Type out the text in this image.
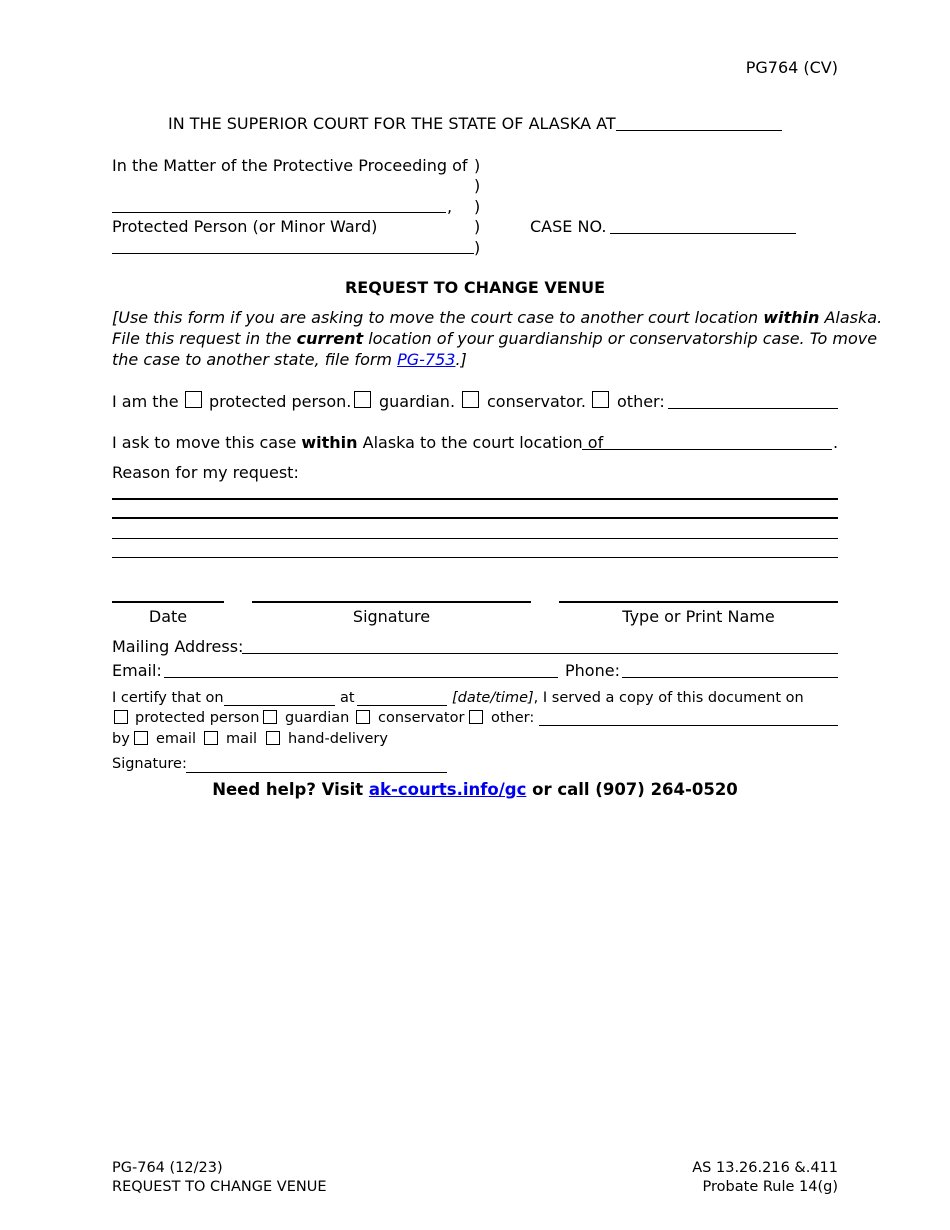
PG764 (CV)
IN THE SUPERIOR COURT FOR THE STATE OF ALASKA AT
In the Matter of the Protective Proceeding of )
)
)
)
)
,
Protected Person (or Minor Ward)	CASE NO.
REQUEST TO CHANGE VENUE
[Use this form if you are asking to move the court case to another court location within Alaska.
File this request in the current location of your guardianship or conservatorship case. To move
the case to another state, file form PG-753.]
I am the protected person. guardian. conservator. other:
I ask to move this case within Alaska to the court location of	.
Reason for my request:
Date	Signature	Type or Print Name
Mailing Address:
Email:	Phone:
I certify that on	at	[date/time], I served a copy of this document on
protected person guardian conservator other:
by email mail hand-delivery
Signature:
Need help? Visit ak-courts.info/gc or call (907) 264-0520
PG-764 (12/23)
REQUEST TO CHANGE VENUE
AS 13.26.216 &.411
Probate Rule 14(g)
